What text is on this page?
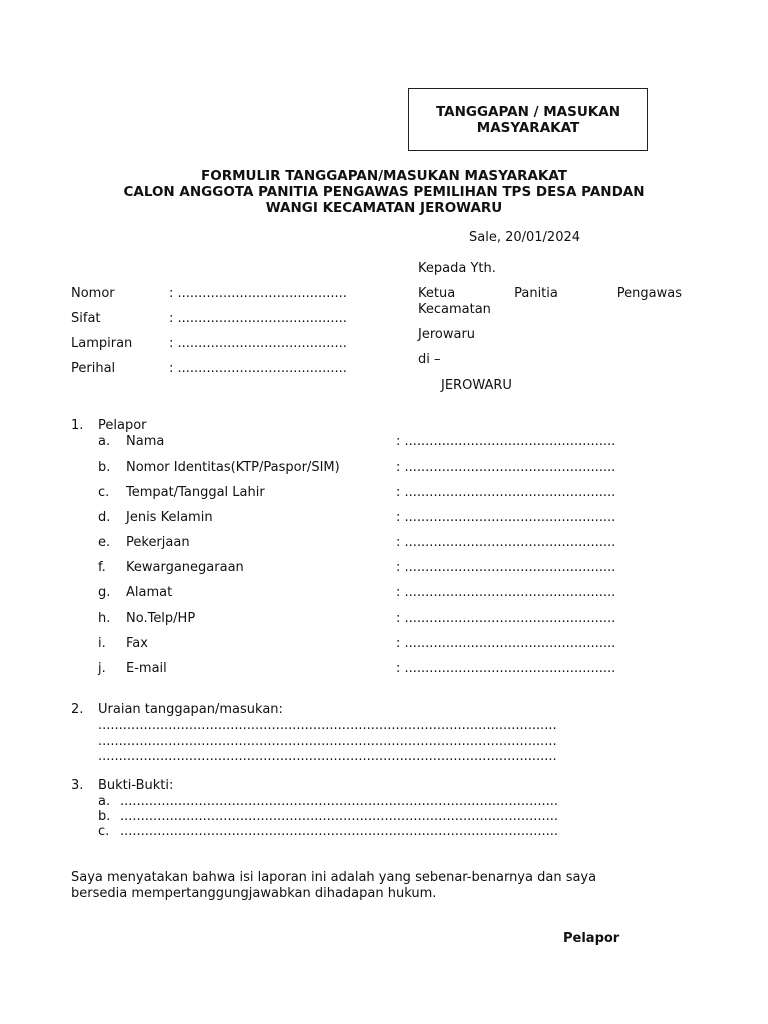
TANGGAPAN / MASUKAN
MASYARAKAT
FORMULIR TANGGAPAN/MASUKAN MASYARAKAT
CALON ANGGOTA PANITIA PENGAWAS PEMILIHAN TPS DESA PANDAN
WANGI KECAMATAN JEROWARU
Sale, 20/01/2024
Kepada Yth.
Ketua	Panitia	Pengawas
Kecamatan
Jerowaru
di –
JEROWARU
Nomor	: .........................................
Sifat	: .........................................
Lampiran	: .........................................
Perihal	: .........................................
1. Pelapor
a. Nama	: ...................................................
b. Nomor Identitas(KTP/Paspor/SIM)	: ...................................................
c. Tempat/Tanggal Lahir	: ...................................................
d. Jenis Kelamin	: ...................................................
e. Pekerjaan	: ...................................................
f. Kewarganegaraan	: ...................................................
g. Alamat	: ...................................................
h. No.Telp/HP	: ...................................................
i. Fax	: ...................................................
j. E-mail	: ...................................................
2. Uraian tanggapan/masukan:
...............................................................................................................
...............................................................................................................
...............................................................................................................
3. Bukti-Bukti:
a. ..........................................................................................................
b. ..........................................................................................................
c. ..........................................................................................................
Saya menyatakan bahwa isi laporan ini adalah yang sebenar-benarnya dan saya
bersedia mempertanggungjawabkan dihadapan hukum.
Pelapor
